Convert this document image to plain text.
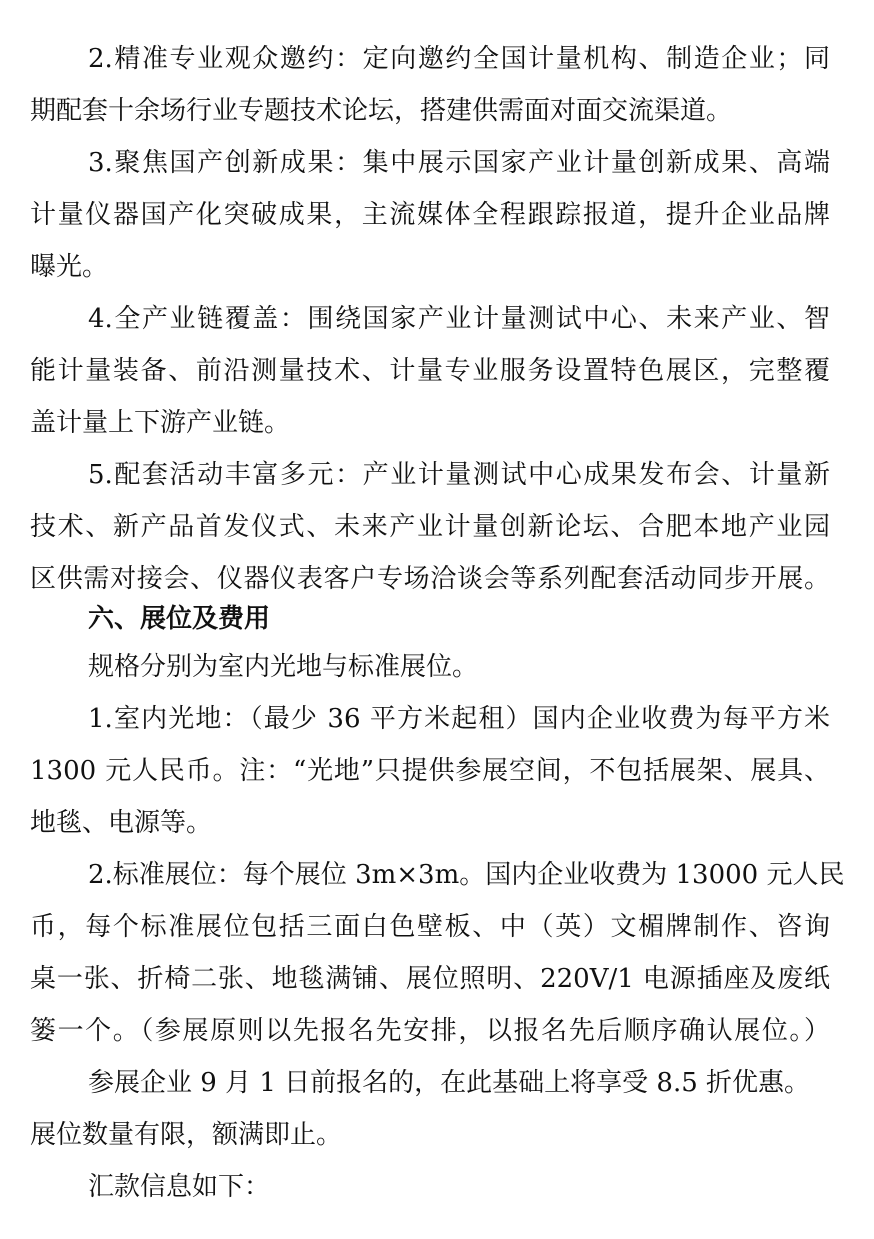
2.精准专业观众邀约：定向邀约全国计量机构、制造企业；同
期配套十余场行业专题技术论坛，搭建供需面对面交流渠道。
3.聚焦国产创新成果：集中展示国家产业计量创新成果、高端
计量仪器国产化突破成果，主流媒体全程跟踪报道，提升企业品牌
曝光。
4.全产业链覆盖：围绕国家产业计量测试中心、未来产业、智
能计量装备、前沿测量技术、计量专业服务设置特色展区，完整覆
盖计量上下游产业链。
5.配套活动丰富多元：产业计量测试中心成果发布会、计量新
技术、新产品首发仪式、未来产业计量创新论坛、合肥本地产业园
区供需对接会、仪器仪表客户专场洽谈会等系列配套活动同步开展。
六、展位及费用
规格分别为室内光地与标准展位。
1.室内光地：（最少 36 平方米起租）国内企业收费为每平方米
1300 元人民币。注：“光地”只提供参展空间，不包括展架、展具、
地毯、电源等。
2.标准展位：每个展位 3m×3m。国内企业收费为 13000 元人民
币，每个标准展位包括三面白色壁板、中（英）文楣牌制作、咨询
桌一张、折椅二张、地毯满铺、展位照明、220V/1 电源插座及废纸
篓一个。（参展原则以先报名先安排，以报名先后顺序确认展位。）
参展企业 9 月 1 日前报名的，在此基础上将享受 8.5 折优惠。
展位数量有限，额满即止。
汇款信息如下：
